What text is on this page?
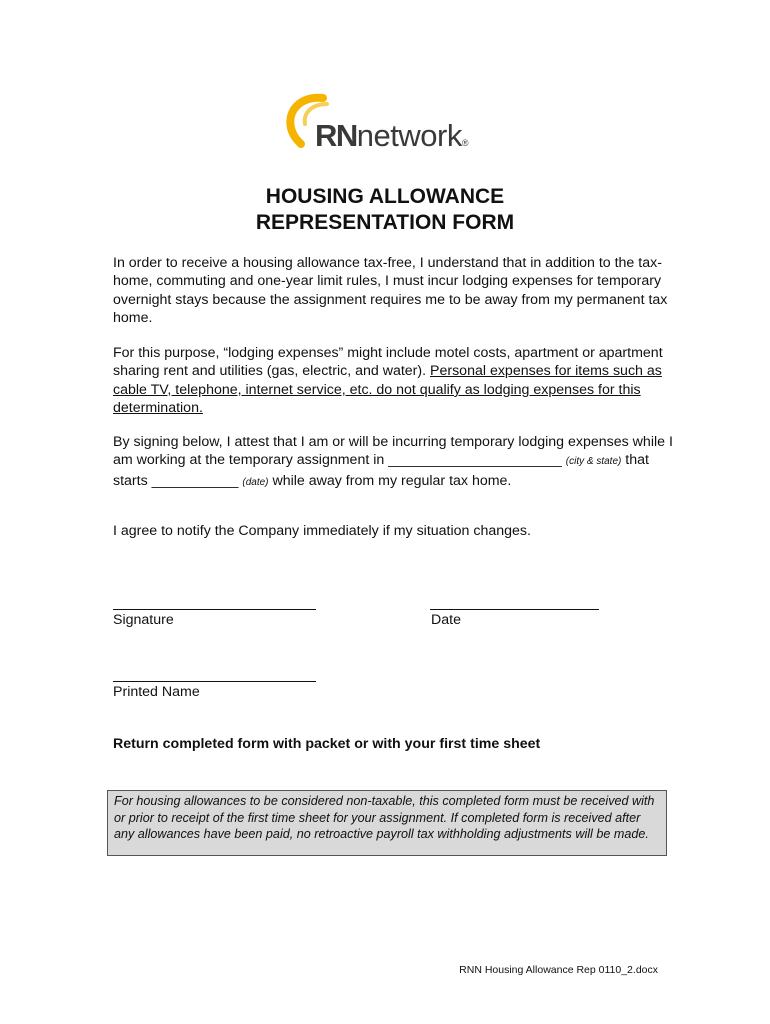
RNnetwork®
HOUSING ALLOWANCE
REPRESENTATION FORM

In order to receive a housing allowance tax-free, I understand that in addition to the tax-home, commuting and one-year limit rules, I must incur lodging expenses for temporary overnight stays because the assignment requires me to be away from my permanent tax home.

For this purpose, “lodging expenses” might include motel costs, apartment or apartment sharing rent and utilities (gas, electric, and water). Personal expenses for items such as cable TV, telephone, internet service, etc. do not qualify as lodging expenses for this determination.

By signing below, I attest that I am or will be incurring temporary lodging expenses while I am working at the temporary assignment in ______________________ (city & state) that starts ___________ (date) while away from my regular tax home.

I agree to notify the Company immediately if my situation changes.

Signature	Date
Printed Name
Return completed form with packet or with your first time sheet
For housing allowances to be considered non-taxable, this completed form must be received with or prior to receipt of the first time sheet for your assignment. If completed form is received after any allowances have been paid, no retroactive payroll tax withholding adjustments will be made.
RNN Housing Allowance Rep 0110_2.docx
